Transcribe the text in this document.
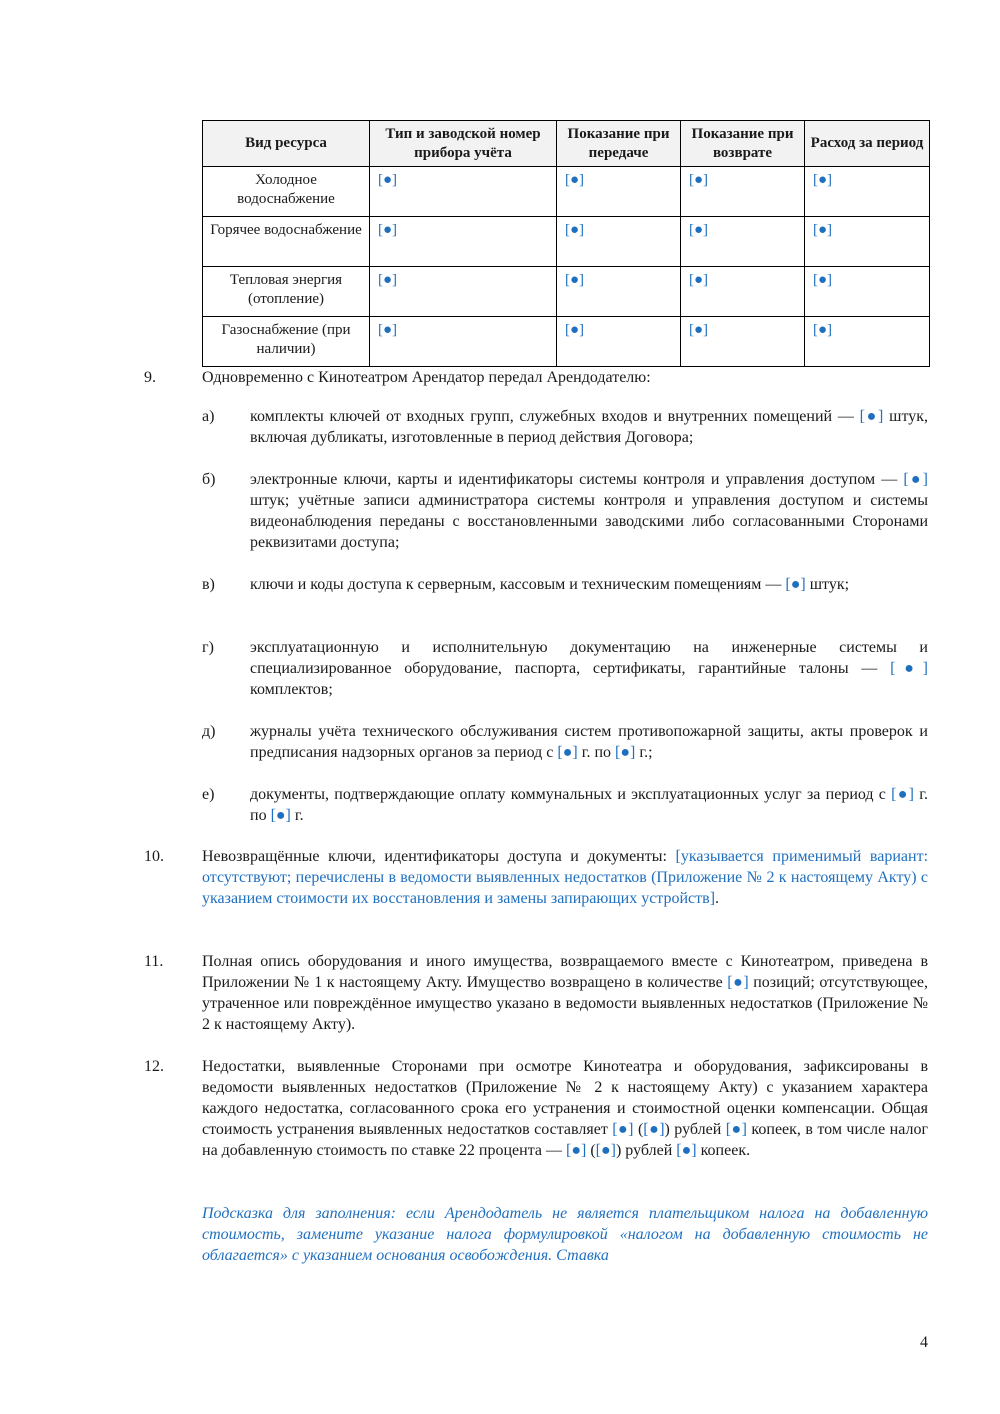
Вид ресурса	Тип и заводской номер прибора учёта	Показание при передаче	Показание при возврате	Расход за период
Холодное водоснабжение	[●]	[●]	[●]	[●]
Горячее водоснабжение	[●]	[●]	[●]	[●]
Тепловая энергия (отопление)	[●]	[●]	[●]	[●]
Газоснабжение (при наличии)	[●]	[●]	[●]	[●]
9.	Одновременно с Кинотеатром Арендатор передал Арендодателю:
а) комплекты ключей от входных групп, служебных входов и внутренних помещений — [●] штук, включая дубликаты, изготовленные в период действия Договора;
б) электронные ключи, карты и идентификаторы системы контроля и управления доступом — [●] штук; учётные записи администратора системы контроля и управления доступом и системы видеонаблюдения переданы с восстановленными заводскими либо согласованными Сторонами реквизитами доступа;
в) ключи и коды доступа к серверным, кассовым и техническим помещениям — [●] штук;
г) эксплуатационную и исполнительную документацию на инженерные системы и специализированное оборудование, паспорта, сертификаты, гарантийные талоны — [●] комплектов;
д) журналы учёта технического обслуживания систем противопожарной защиты, акты проверок и предписания надзорных органов за период с [●] г. по [●] г.;
е) документы, подтверждающие оплату коммунальных и эксплуатационных услуг за период с [●] г. по [●] г.
10. Невозвращённые ключи, идентификаторы доступа и документы: [указывается применимый вариант: отсутствуют; перечислены в ведомости выявленных недостатков (Приложение № 2 к настоящему Акту) с указанием стоимости их восстановления и замены запирающих устройств].
11. Полная опись оборудования и иного имущества, возвращаемого вместе с Кинотеатром, приведена в Приложении № 1 к настоящему Акту. Имущество возвращено в количестве [●] позиций; отсутствующее, утраченное или повреждённое имущество указано в ведомости выявленных недостатков (Приложение № 2 к настоящему Акту).
12. Недостатки, выявленные Сторонами при осмотре Кинотеатра и оборудования, зафиксированы в ведомости выявленных недостатков (Приложение № 2 к настоящему Акту) с указанием характера каждого недостатка, согласованного срока его устранения и стоимостной оценки компенсации. Общая стоимость устранения выявленных недостатков составляет [●] ([●]) рублей [●] копеек, в том числе налог на добавленную стоимость по ставке 22 процента — [●] ([●]) рублей [●] копеек.
Подсказка для заполнения: если Арендодатель не является плательщиком налога на добавленную стоимость, замените указание налога формулировкой «налогом на добавленную стоимость не облагается» с указанием основания освобождения. Ставка
4
